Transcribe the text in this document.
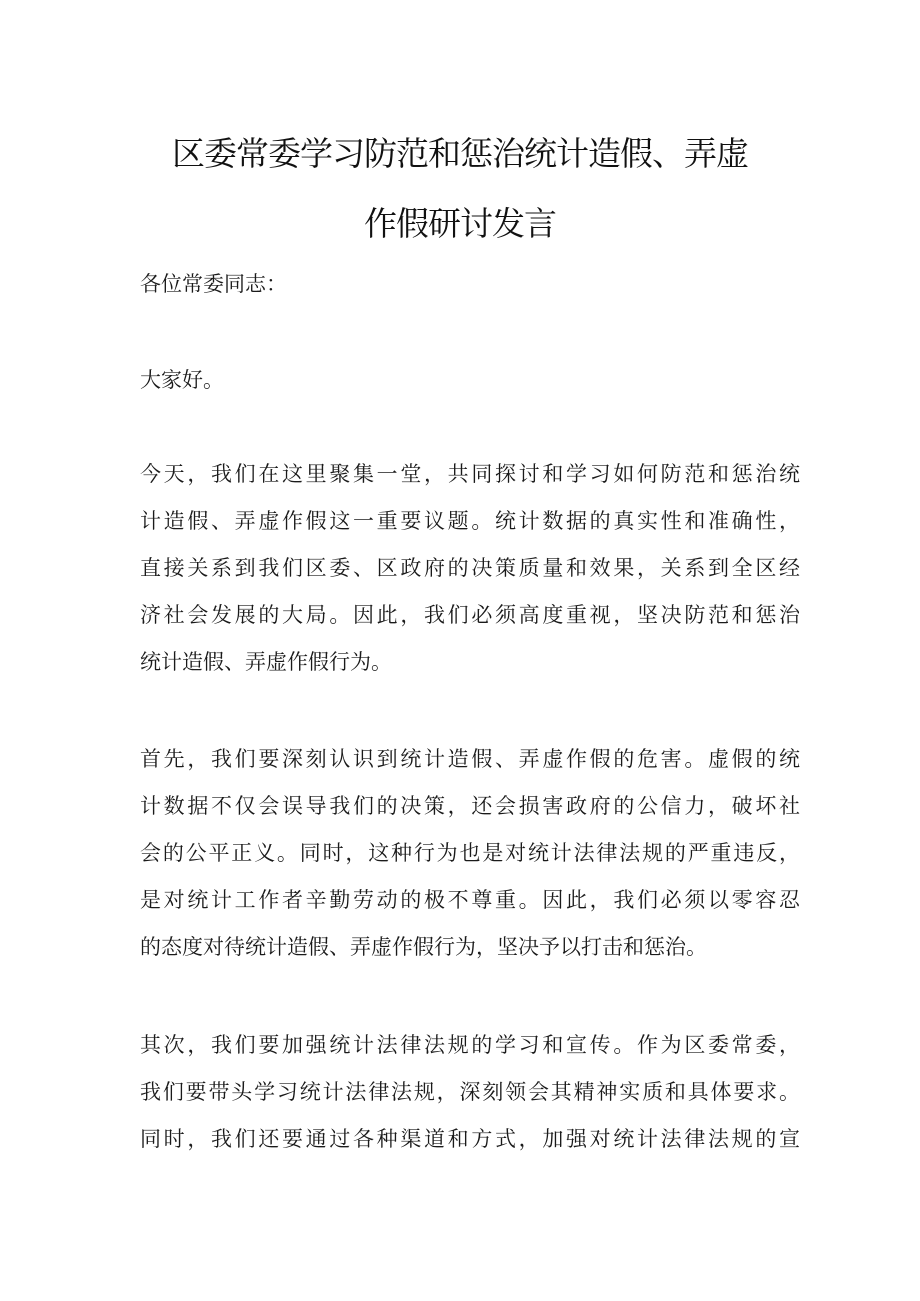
区委常委学习防范和惩治统计造假、弄虚
作假研讨发言
各位常委同志：
大家好。
今天，我们在这里聚集一堂，共同探讨和学习如何防范和惩治统
计造假、弄虚作假这一重要议题。统计数据的真实性和准确性，
直接关系到我们区委、区政府的决策质量和效果，关系到全区经
济社会发展的大局。因此，我们必须高度重视，坚决防范和惩治
统计造假、弄虚作假行为。
首先，我们要深刻认识到统计造假、弄虚作假的危害。虚假的统
计数据不仅会误导我们的决策，还会损害政府的公信力，破坏社
会的公平正义。同时，这种行为也是对统计法律法规的严重违反，
是对统计工作者辛勤劳动的极不尊重。因此，我们必须以零容忍
的态度对待统计造假、弄虚作假行为，坚决予以打击和惩治。
其次，我们要加强统计法律法规的学习和宣传。作为区委常委，
我们要带头学习统计法律法规，深刻领会其精神实质和具体要求。
同时，我们还要通过各种渠道和方式，加强对统计法律法规的宣
